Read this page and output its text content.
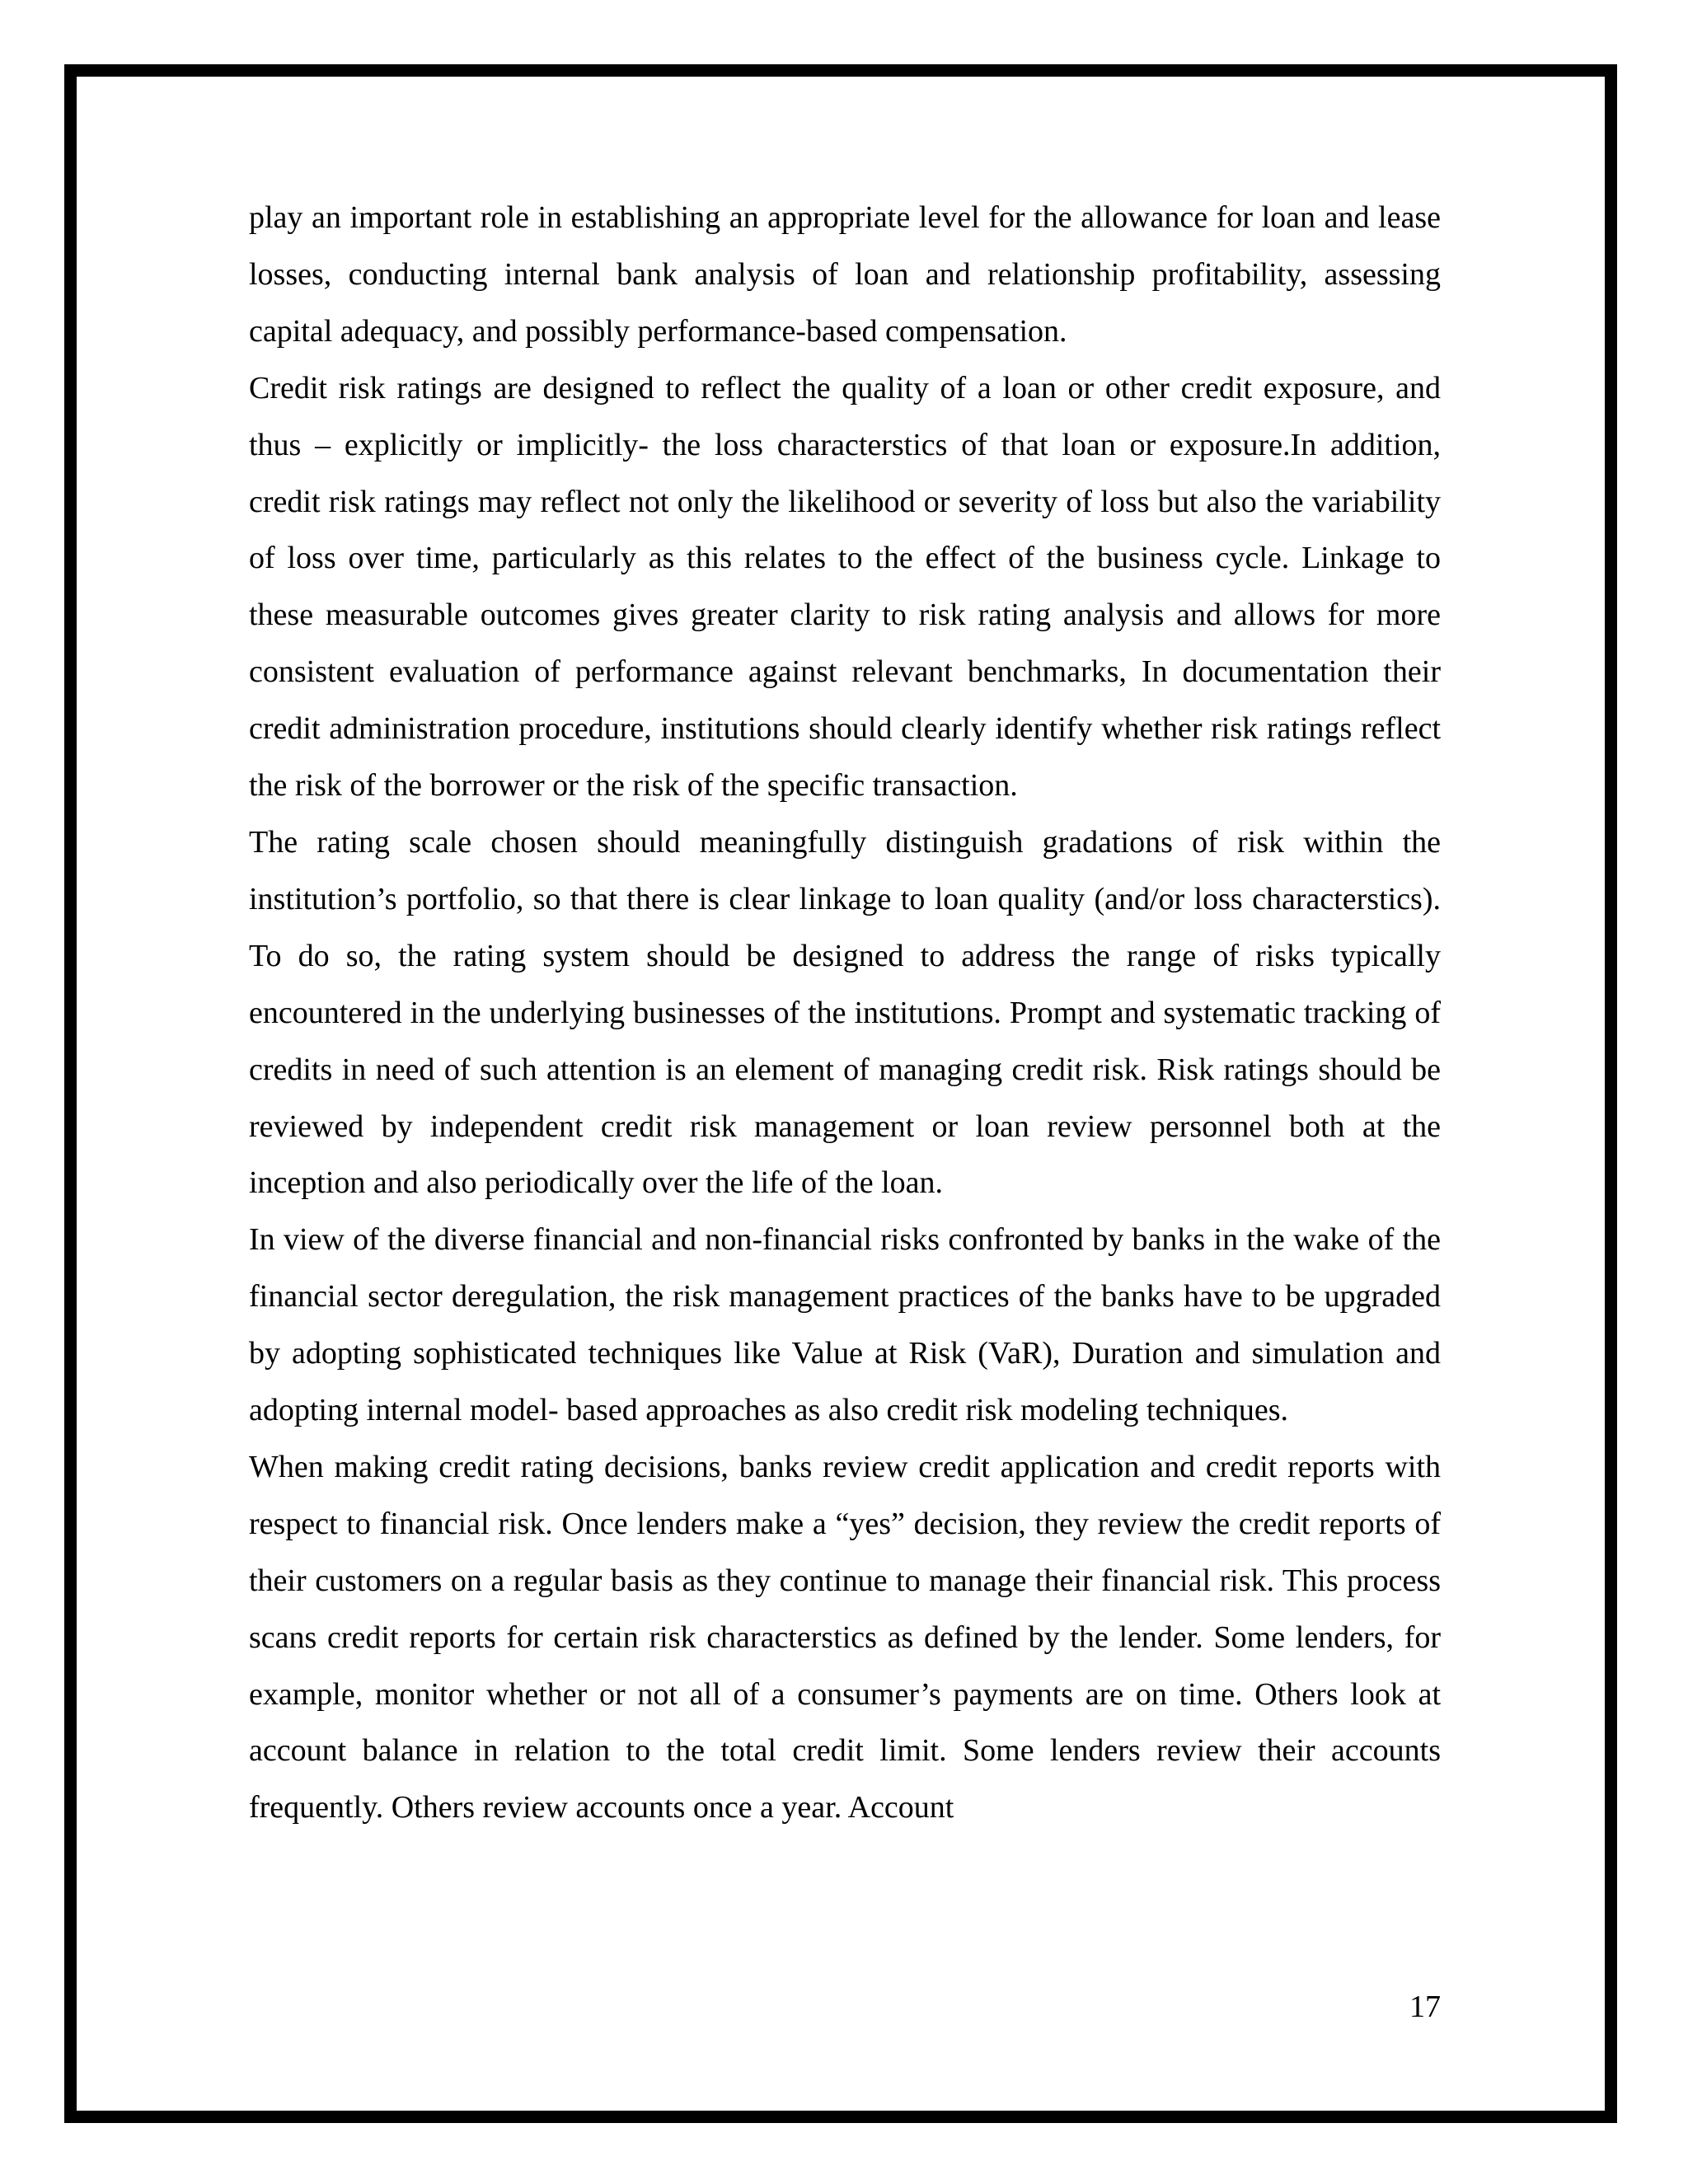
play an important role in establishing an appropriate level for the allowance for loan and lease losses, conducting internal bank analysis of loan and relationship profitability, assessing capital adequacy, and possibly performance-based compensation.

Credit risk ratings are designed to reflect the quality of a loan or other credit exposure, and thus – explicitly or implicitly- the loss characterstics of that loan or exposure.In addition, credit risk ratings may reflect not only the likelihood or severity of loss but also the variability of loss over time, particularly as this relates to the effect of the business cycle. Linkage to these measurable outcomes gives greater clarity to risk rating analysis and allows for more consistent evaluation of performance against relevant benchmarks, In documentation their credit administration procedure, institutions should clearly identify whether risk ratings reflect the risk of the borrower or the risk of the specific transaction.

The rating scale chosen should meaningfully distinguish gradations of risk within the institution’s portfolio, so that there is clear linkage to loan quality (and/or loss characterstics). To do so, the rating system should be designed to address the range of risks typically encountered in the underlying businesses of the institutions. Prompt and systematic tracking of credits in need of such attention is an element of managing credit risk. Risk ratings should be reviewed by independent credit risk management or loan review personnel both at the inception and also periodically over the life of the loan.

In view of the diverse financial and non-financial risks confronted by banks in the wake of the financial sector deregulation, the risk management practices of the banks have to be upgraded by adopting sophisticated techniques like Value at Risk (VaR), Duration and simulation and adopting internal model- based approaches as also credit risk modeling techniques.

When making credit rating decisions, banks review credit application and credit reports with respect to financial risk. Once lenders make a “yes” decision, they review the credit reports of their customers on a regular basis as they continue to manage their financial risk. This process scans credit reports for certain risk characterstics as defined by the lender. Some lenders, for example, monitor whether or not all of a consumer’s payments are on time. Others look at account balance in relation to the total credit limit. Some lenders review their accounts frequently. Others review accounts once a year. Account

17
